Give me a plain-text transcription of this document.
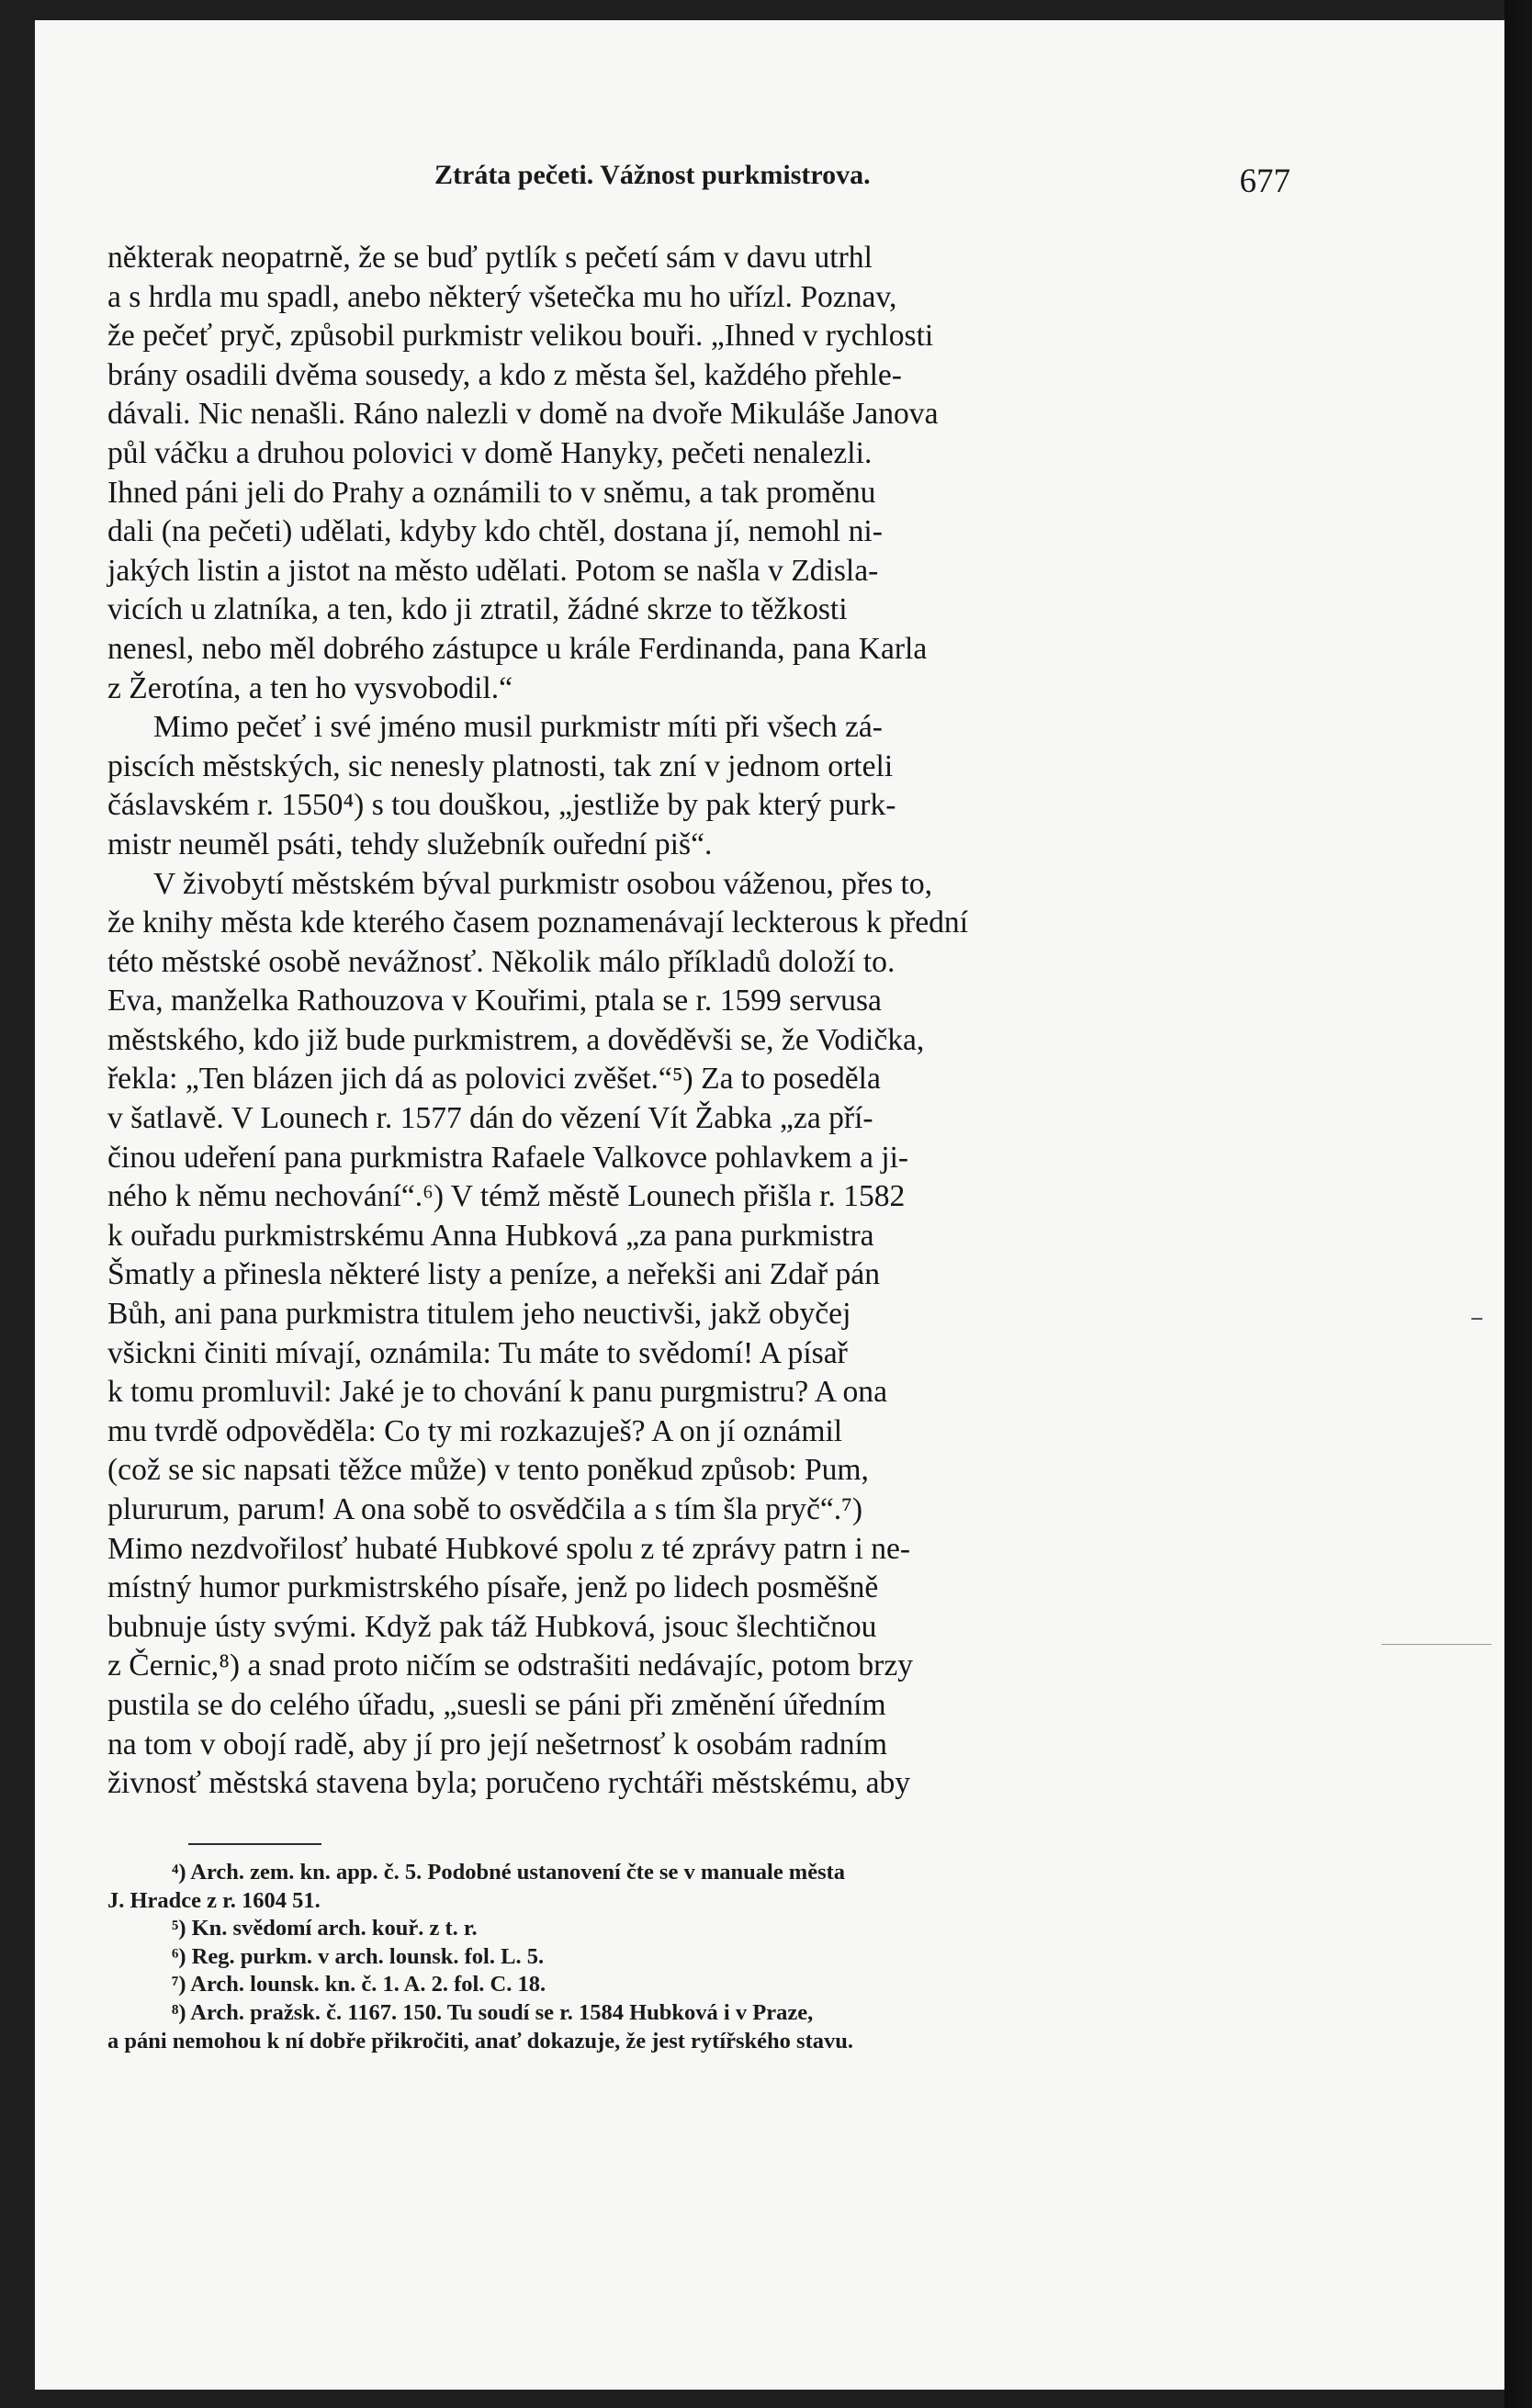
Ztráta pečeti. Vážnost purkmistrova.	677
některak neopatrně, že se buď pytlík s pečetí sám v davu utrhl
a s hrdla mu spadl, anebo některý všetečka mu ho uřízl. Poznav,
že pečeť pryč, způsobil purkmistr velikou bouři. „Ihned v rychlosti
brány osadili dvěma sousedy, a kdo z města šel, každého přehle-
dávali. Nic nenašli. Ráno nalezli v domě na dvoře Mikuláše Janova
půl váčku a druhou polovici v domě Hanyky, pečeti nenalezli.
Ihned páni jeli do Prahy a oznámili to v sněmu, a tak proměnu
dali (na pečeti) udělati, kdyby kdo chtěl, dostana jí, nemohl ni-
jakých listin a jistot na město udělati. Potom se našla v Zdisla-
vicích u zlatníka, a ten, kdo ji ztratil, žádné skrze to těžkosti
nenesl, nebo měl dobrého zástupce u krále Ferdinanda, pana Karla
z Žerotína, a ten ho vysvobodil.“
Mimo pečeť i své jméno musil purkmistr míti při všech zá-
piscích městských, sic nenesly platnosti, tak zní v jednom orteli
čáslavském r. 1550⁴) s tou douškou, „jestliže by pak který purk-
mistr neuměl psáti, tehdy služebník ouřední piš“.
V živobytí městském býval purkmistr osobou váženou, přes to,
že knihy města kde kterého časem poznamenávají leckterous k přední
této městské osobě nevážnosť. Několik málo příkladů doloží to.
Eva, manželka Rathouzova v Kouřimi, ptala se r. 1599 servusa
městského, kdo již bude purkmistrem, a dověděvši se, že Vodička,
řekla: „Ten blázen jich dá as polovici zvěšet.“⁵) Za to poseděla
v šatlavě. V Lounech r. 1577 dán do vězení Vít Žabka „za pří-
činou udeření pana purkmistra Rafaele Valkovce pohlavkem a ji-
ného k němu nechování“.⁶) V témž městě Lounech přišla r. 1582
k ouřadu purkmistrskému Anna Hubková „za pana purkmistra
Šmatly a přinesla některé listy a peníze, a neřekši ani Zdař pán
Bůh, ani pana purkmistra titulem jeho neuctivši, jakž obyčej
všickni činiti mívají, oznámila: Tu máte to svědomí! A písař
k tomu promluvil: Jaké je to chování k panu purgmistru? A ona
mu tvrdě odpověděla: Co ty mi rozkazuješ? A on jí oznámil
(což se sic napsati těžce může) v tento poněkud způsob: Pum,
plururum, parum! A ona sobě to osvědčila a s tím šla pryč“.⁷)
Mimo nezdvořilosť hubaté Hubkové spolu z té zprávy patrn i ne-
místný humor purkmistrského písaře, jenž po lidech posměšně
bubnuje ústy svými. Když pak táž Hubková, jsouc šlechtičnou
z Černic,⁸) a snad proto ničím se odstrašiti nedávajíc, potom brzy
pustila se do celého úřadu, „suesli se páni při změnění úředním
na tom v obojí radě, aby jí pro její nešetrnosť k osobám radním
živnosť městská stavena byla; poručeno rychtáři městskému, aby
⁴) Arch. zem. kn. app. č. 5. Podobné ustanovení čte se v manuale města
J. Hradce z r. 1604 51.
⁵) Kn. svědomí arch. kouř. z t. r.
⁶) Reg. purkm. v arch. lounsk. fol. L. 5.
⁷) Arch. lounsk. kn. č. 1. A. 2. fol. C. 18.
⁸) Arch. pražsk. č. 1167. 150. Tu soudí se r. 1584 Hubková i v Praze,
a páni nemohou k ní dobře přikročiti, anať dokazuje, že jest rytířského stavu.
